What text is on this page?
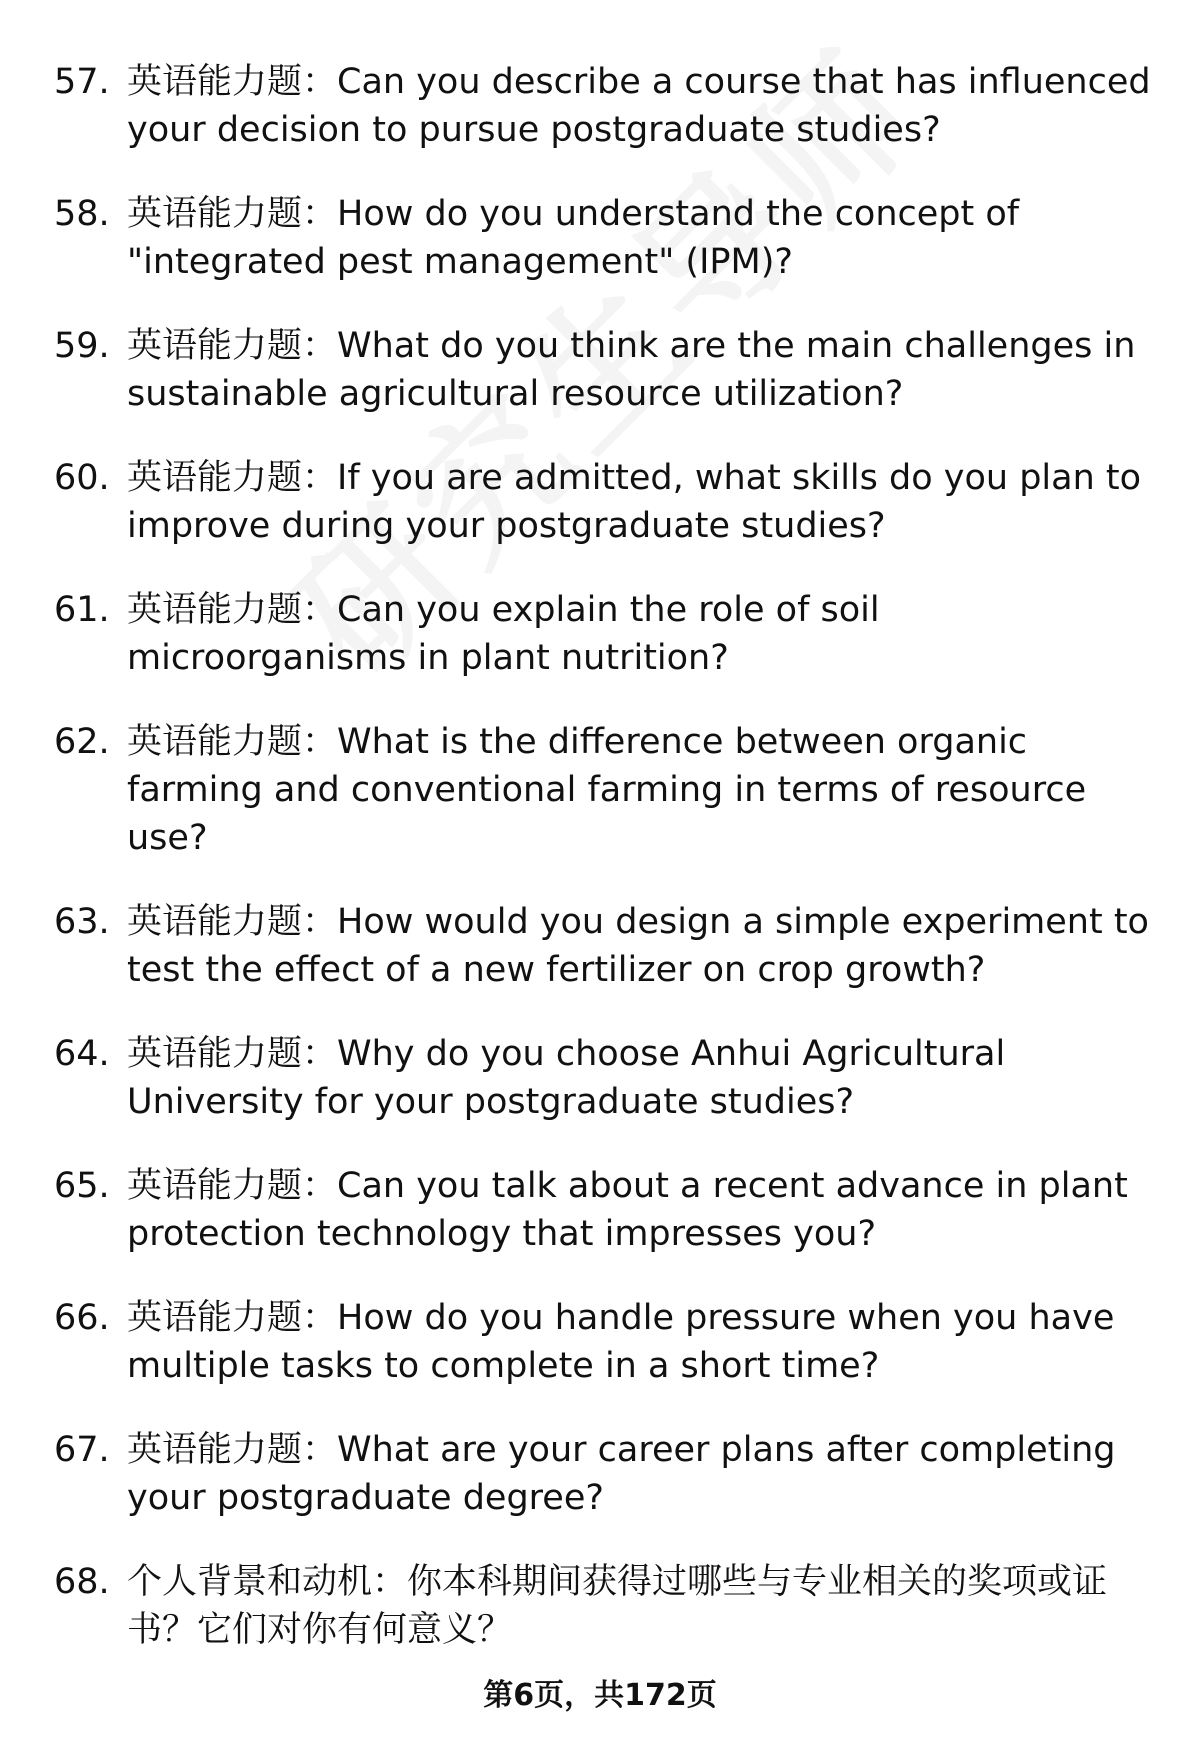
57. 英语能力题：Can you describe a course that has influenced your decision to pursue postgraduate studies?
58. 英语能力题：How do you understand the concept of "integrated pest management" (IPM)?
59. 英语能力题：What do you think are the main challenges in sustainable agricultural resource utilization?
60. 英语能力题：If you are admitted, what skills do you plan to improve during your postgraduate studies?
61. 英语能力题：Can you explain the role of soil microorganisms in plant nutrition?
62. 英语能力题：What is the difference between organic farming and conventional farming in terms of resource use?
63. 英语能力题：How would you design a simple experiment to test the effect of a new fertilizer on crop growth?
64. 英语能力题：Why do you choose Anhui Agricultural University for your postgraduate studies?
65. 英语能力题：Can you talk about a recent advance in plant protection technology that impresses you?
66. 英语能力题：How do you handle pressure when you have multiple tasks to complete in a short time?
67. 英语能力题：What are your career plans after completing your postgraduate degree?
68. 个人背景和动机：你本科期间获得过哪些与专业相关的奖项或证书？它们对你有何意义？
第6页，共172页
